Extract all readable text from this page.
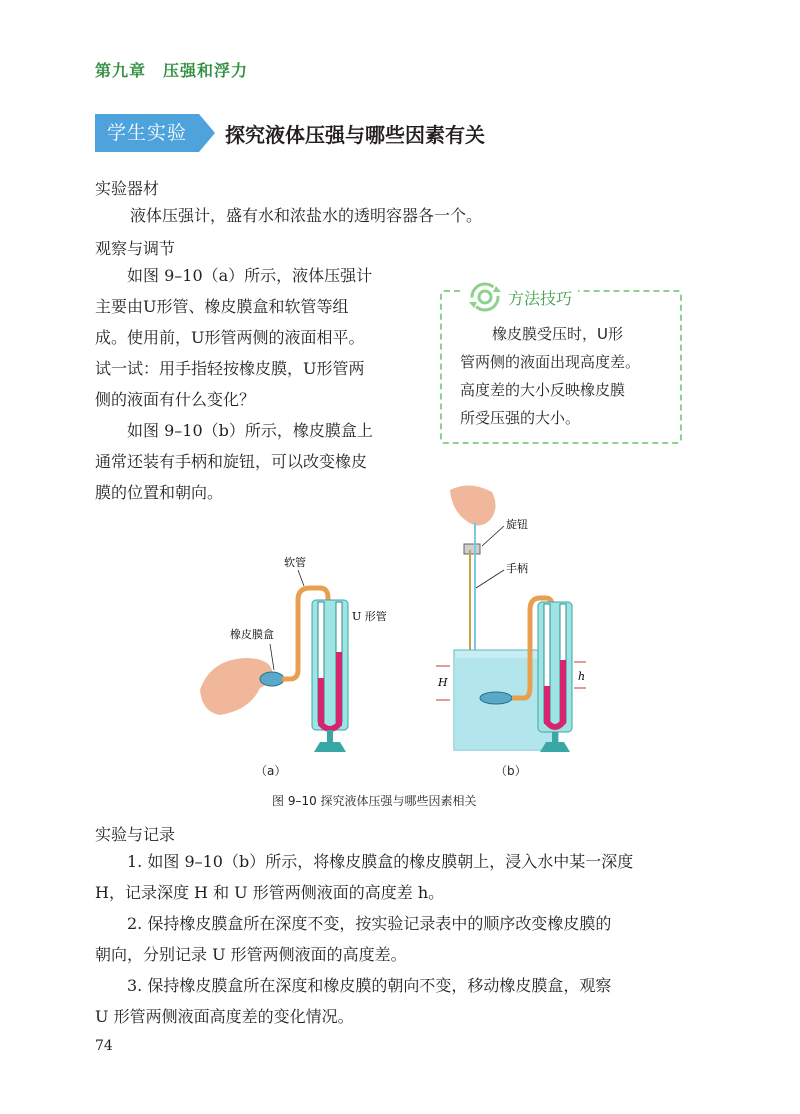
第九章　压强和浮力
学生实验	探究液体压强与哪些因素有关
实验器材
液体压强计，盛有水和浓盐水的透明容器各一个。
观察与调节
如图 9–10（a）所示，液体压强计
主要由U形管、橡皮膜盒和软管等组
成。使用前，U形管两侧的液面相平。
试一试：用手指轻按橡皮膜，U形管两
侧的液面有什么变化？
如图 9–10（b）所示，橡皮膜盒上
通常还装有手柄和旋钮，可以改变橡皮
膜的位置和朝向。
方法技巧
橡皮膜受压时，U形
管两侧的液面出现高度差。
高度差的大小反映橡皮膜
所受压强的大小。
软管
U 形管
橡皮膜盒
（a）
H	h
旋钮
手柄
（b）
图 9–10 探究液体压强与哪些因素相关
实验与记录
1. 如图 9–10（b）所示，将橡皮膜盒的橡皮膜朝上，浸入水中某一深度
H，记录深度 H 和 U 形管两侧液面的高度差 h。
2. 保持橡皮膜盒所在深度不变，按实验记录表中的顺序改变橡皮膜的
朝向，分别记录 U 形管两侧液面的高度差。
3. 保持橡皮膜盒所在深度和橡皮膜的朝向不变，移动橡皮膜盒，观察
U 形管两侧液面高度差的变化情况。
74
